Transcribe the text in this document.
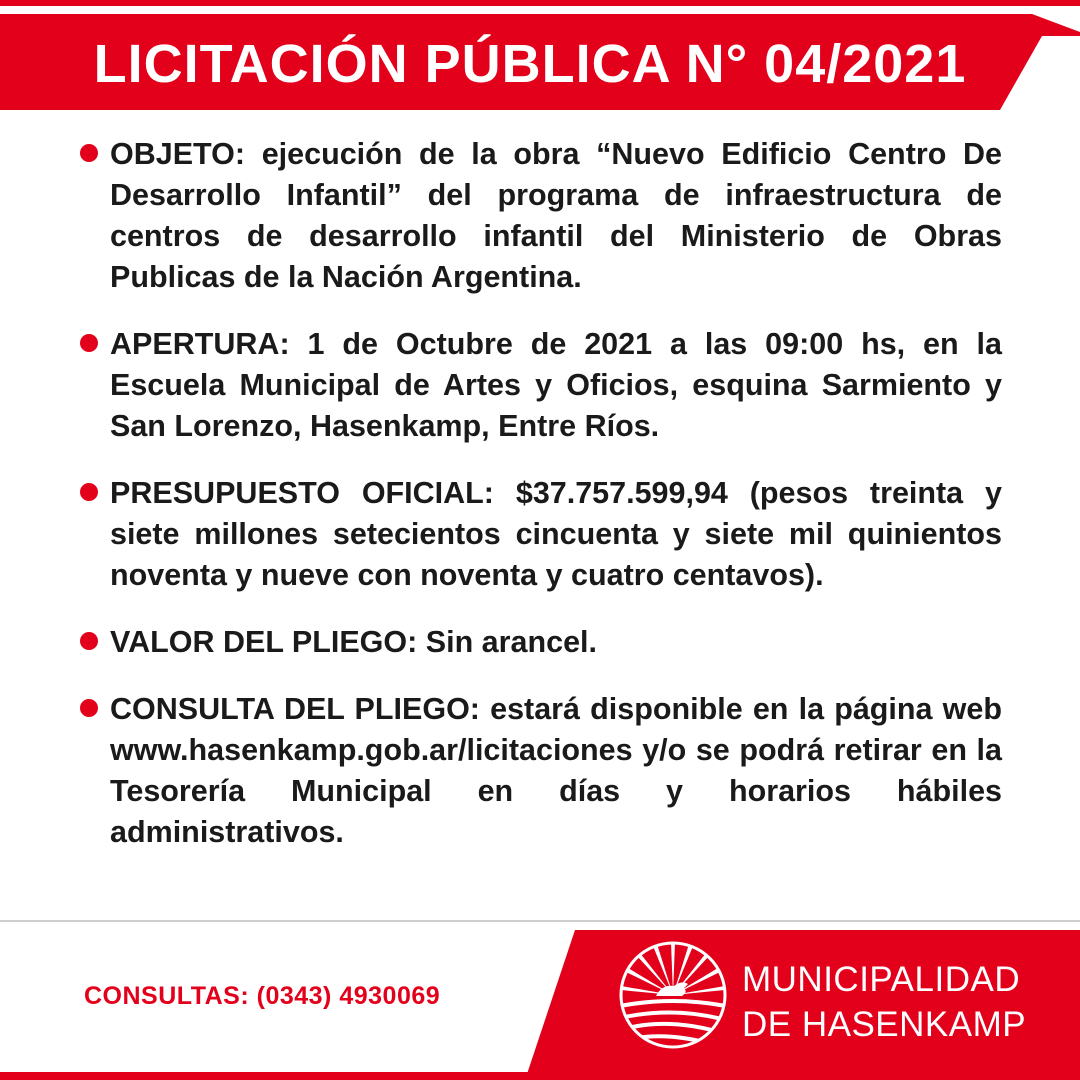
LICITACIÓN PÚBLICA N° 04/2021
OBJETO: ejecución de la obra “Nuevo Edificio Centro De Desarrollo Infantil” del programa de infraestructura de centros de desarrollo infantil del Ministerio de Obras Publicas de la Nación Argentina.
APERTURA: 1 de Octubre de 2021 a las 09:00 hs, en la Escuela Municipal de Artes y Oficios, esquina Sarmiento y San Lorenzo, Hasenkamp, Entre Ríos.
PRESUPUESTO OFICIAL: $37.757.599,94 (pesos treinta y siete millones setecientos cincuenta y siete mil quinientos noventa y nueve con noventa y cuatro centavos).
VALOR DEL PLIEGO: Sin arancel.
CONSULTA DEL PLIEGO: estará disponible en la página web www.hasenkamp.gob.ar/licitaciones y/o se podrá retirar en la Tesorería Municipal en días y horarios hábiles administrativos.
CONSULTAS: (0343) 4930069	MUNICIPALIDAD
DE HASENKAMP
